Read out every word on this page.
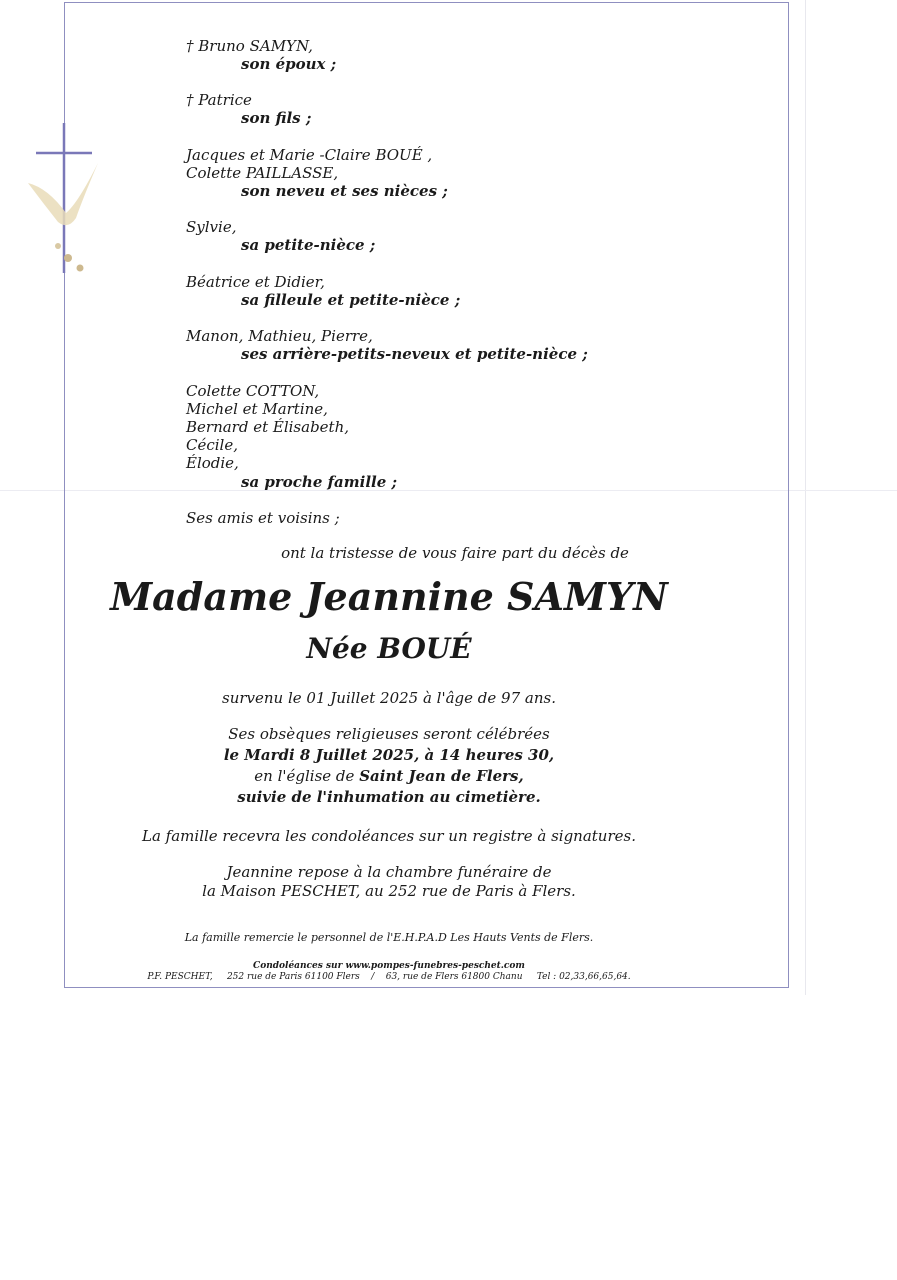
† Bruno SAMYN,
son époux ;
† Patrice
son fils ;
Jacques et Marie -Claire BOUÉ ,
Colette PAILLASSE,
son neveu et ses nièces ;
Sylvie,
sa petite-nièce ;
Béatrice et Didier,
sa filleule et petite-nièce ;
Manon, Mathieu, Pierre,
ses arrière-petits-neveux et petite-nièce ;
Colette COTTON,
Michel et Martine,
Bernard et Élisabeth,
Cécile,
Élodie,
sa proche famille ;
Ses amis et voisins ;
ont la tristesse de vous faire part du décès de
Madame Jeannine SAMYN
Née BOUÉ
survenu le 01 Juillet 2025 à l'âge de 97 ans.
Ses obsèques religieuses seront célébrées
le Mardi 8 Juillet 2025, à 14 heures 30,
en l'église de Saint Jean de Flers,
suivie de l'inhumation au cimetière.
La famille recevra les condoléances sur un registre à signatures.
Jeannine repose à la chambre funéraire de
la Maison PESCHET, au 252 rue de Paris à Flers.
La famille remercie le personnel de l'E.H.P.A.D Les Hauts Vents de Flers.
Condoléances sur www.pompes-funebres-peschet.com
P.F. PESCHET, 252 rue de Paris 61100 Flers / 63, rue de Flers 61800 Chanu Tel : 02,33,66,65,64.
